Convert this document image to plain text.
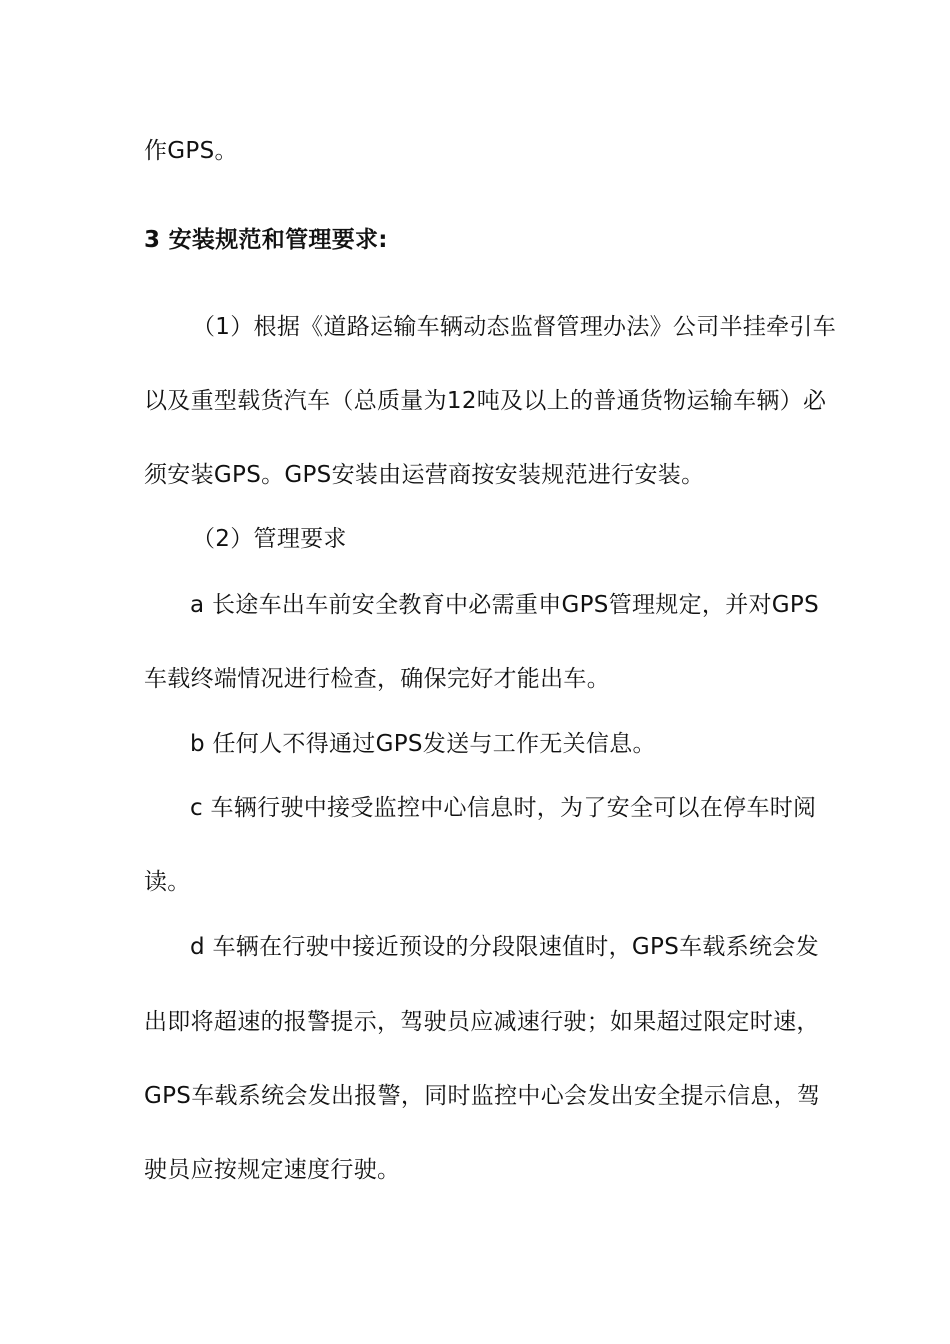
作GPS。
3 安装规范和管理要求:
（1）根据《道路运输车辆动态监督管理办法》公司半挂牵引车
以及重型载货汽车（总质量为12吨及以上的普通货物运输车辆）必
须安装GPS。GPS安装由运营商按安装规范进行安装。
（2）管理要求
a 长途车出车前安全教育中必需重申GPS管理规定，并对GPS
车载终端情况进行检查，确保完好才能出车。
b 任何人不得通过GPS发送与工作无关信息。
c 车辆行驶中接受监控中心信息时，为了安全可以在停车时阅
读。
d 车辆在行驶中接近预设的分段限速值时，GPS车载系统会发
出即将超速的报警提示，驾驶员应减速行驶；如果超过限定时速，
GPS车载系统会发出报警，同时监控中心会发出安全提示信息，驾
驶员应按规定速度行驶。
